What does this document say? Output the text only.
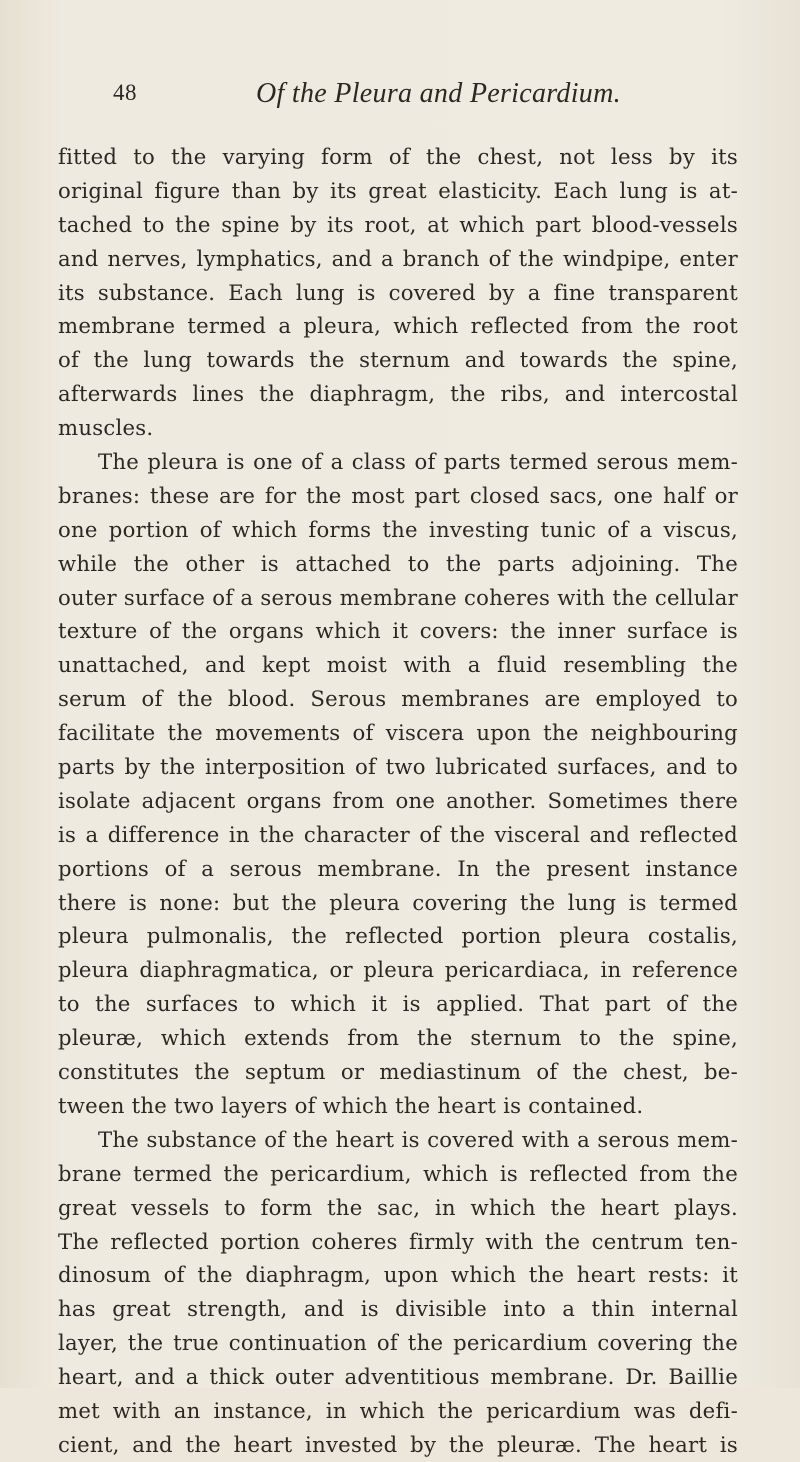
48	Of the Pleura and Pericardium.
fitted to the varying form of the chest, not less by its
original figure than by its great elasticity. Each lung is at-
tached to the spine by its root, at which part blood-vessels
and nerves, lymphatics, and a branch of the windpipe, enter
its substance. Each lung is covered by a fine transparent
membrane termed a pleura, which reflected from the root
of the lung towards the sternum and towards the spine,
afterwards lines the diaphragm, the ribs, and intercostal
muscles.
The pleura is one of a class of parts termed serous mem-
branes: these are for the most part closed sacs, one half or
one portion of which forms the investing tunic of a viscus,
while the other is attached to the parts adjoining. The
outer surface of a serous membrane coheres with the cellular
texture of the organs which it covers: the inner surface is
unattached, and kept moist with a fluid resembling the
serum of the blood. Serous membranes are employed to
facilitate the movements of viscera upon the neighbouring
parts by the interposition of two lubricated surfaces, and to
isolate adjacent organs from one another. Sometimes there
is a difference in the character of the visceral and reflected
portions of a serous membrane. In the present instance
there is none: but the pleura covering the lung is termed
pleura pulmonalis, the reflected portion pleura costalis,
pleura diaphragmatica, or pleura pericardiaca, in reference
to the surfaces to which it is applied. That part of the
pleuræ, which extends from the sternum to the spine,
constitutes the septum or mediastinum of the chest, be-
tween the two layers of which the heart is contained.
The substance of the heart is covered with a serous mem-
brane termed the pericardium, which is reflected from the
great vessels to form the sac, in which the heart plays.
The reflected portion coheres firmly with the centrum ten-
dinosum of the diaphragm, upon which the heart rests: it
has great strength, and is divisible into a thin internal
layer, the true continuation of the pericardium covering the
heart, and a thick outer adventitious membrane. Dr. Baillie
met with an instance, in which the pericardium was defi-
cient, and the heart invested by the pleuræ. The heart is
